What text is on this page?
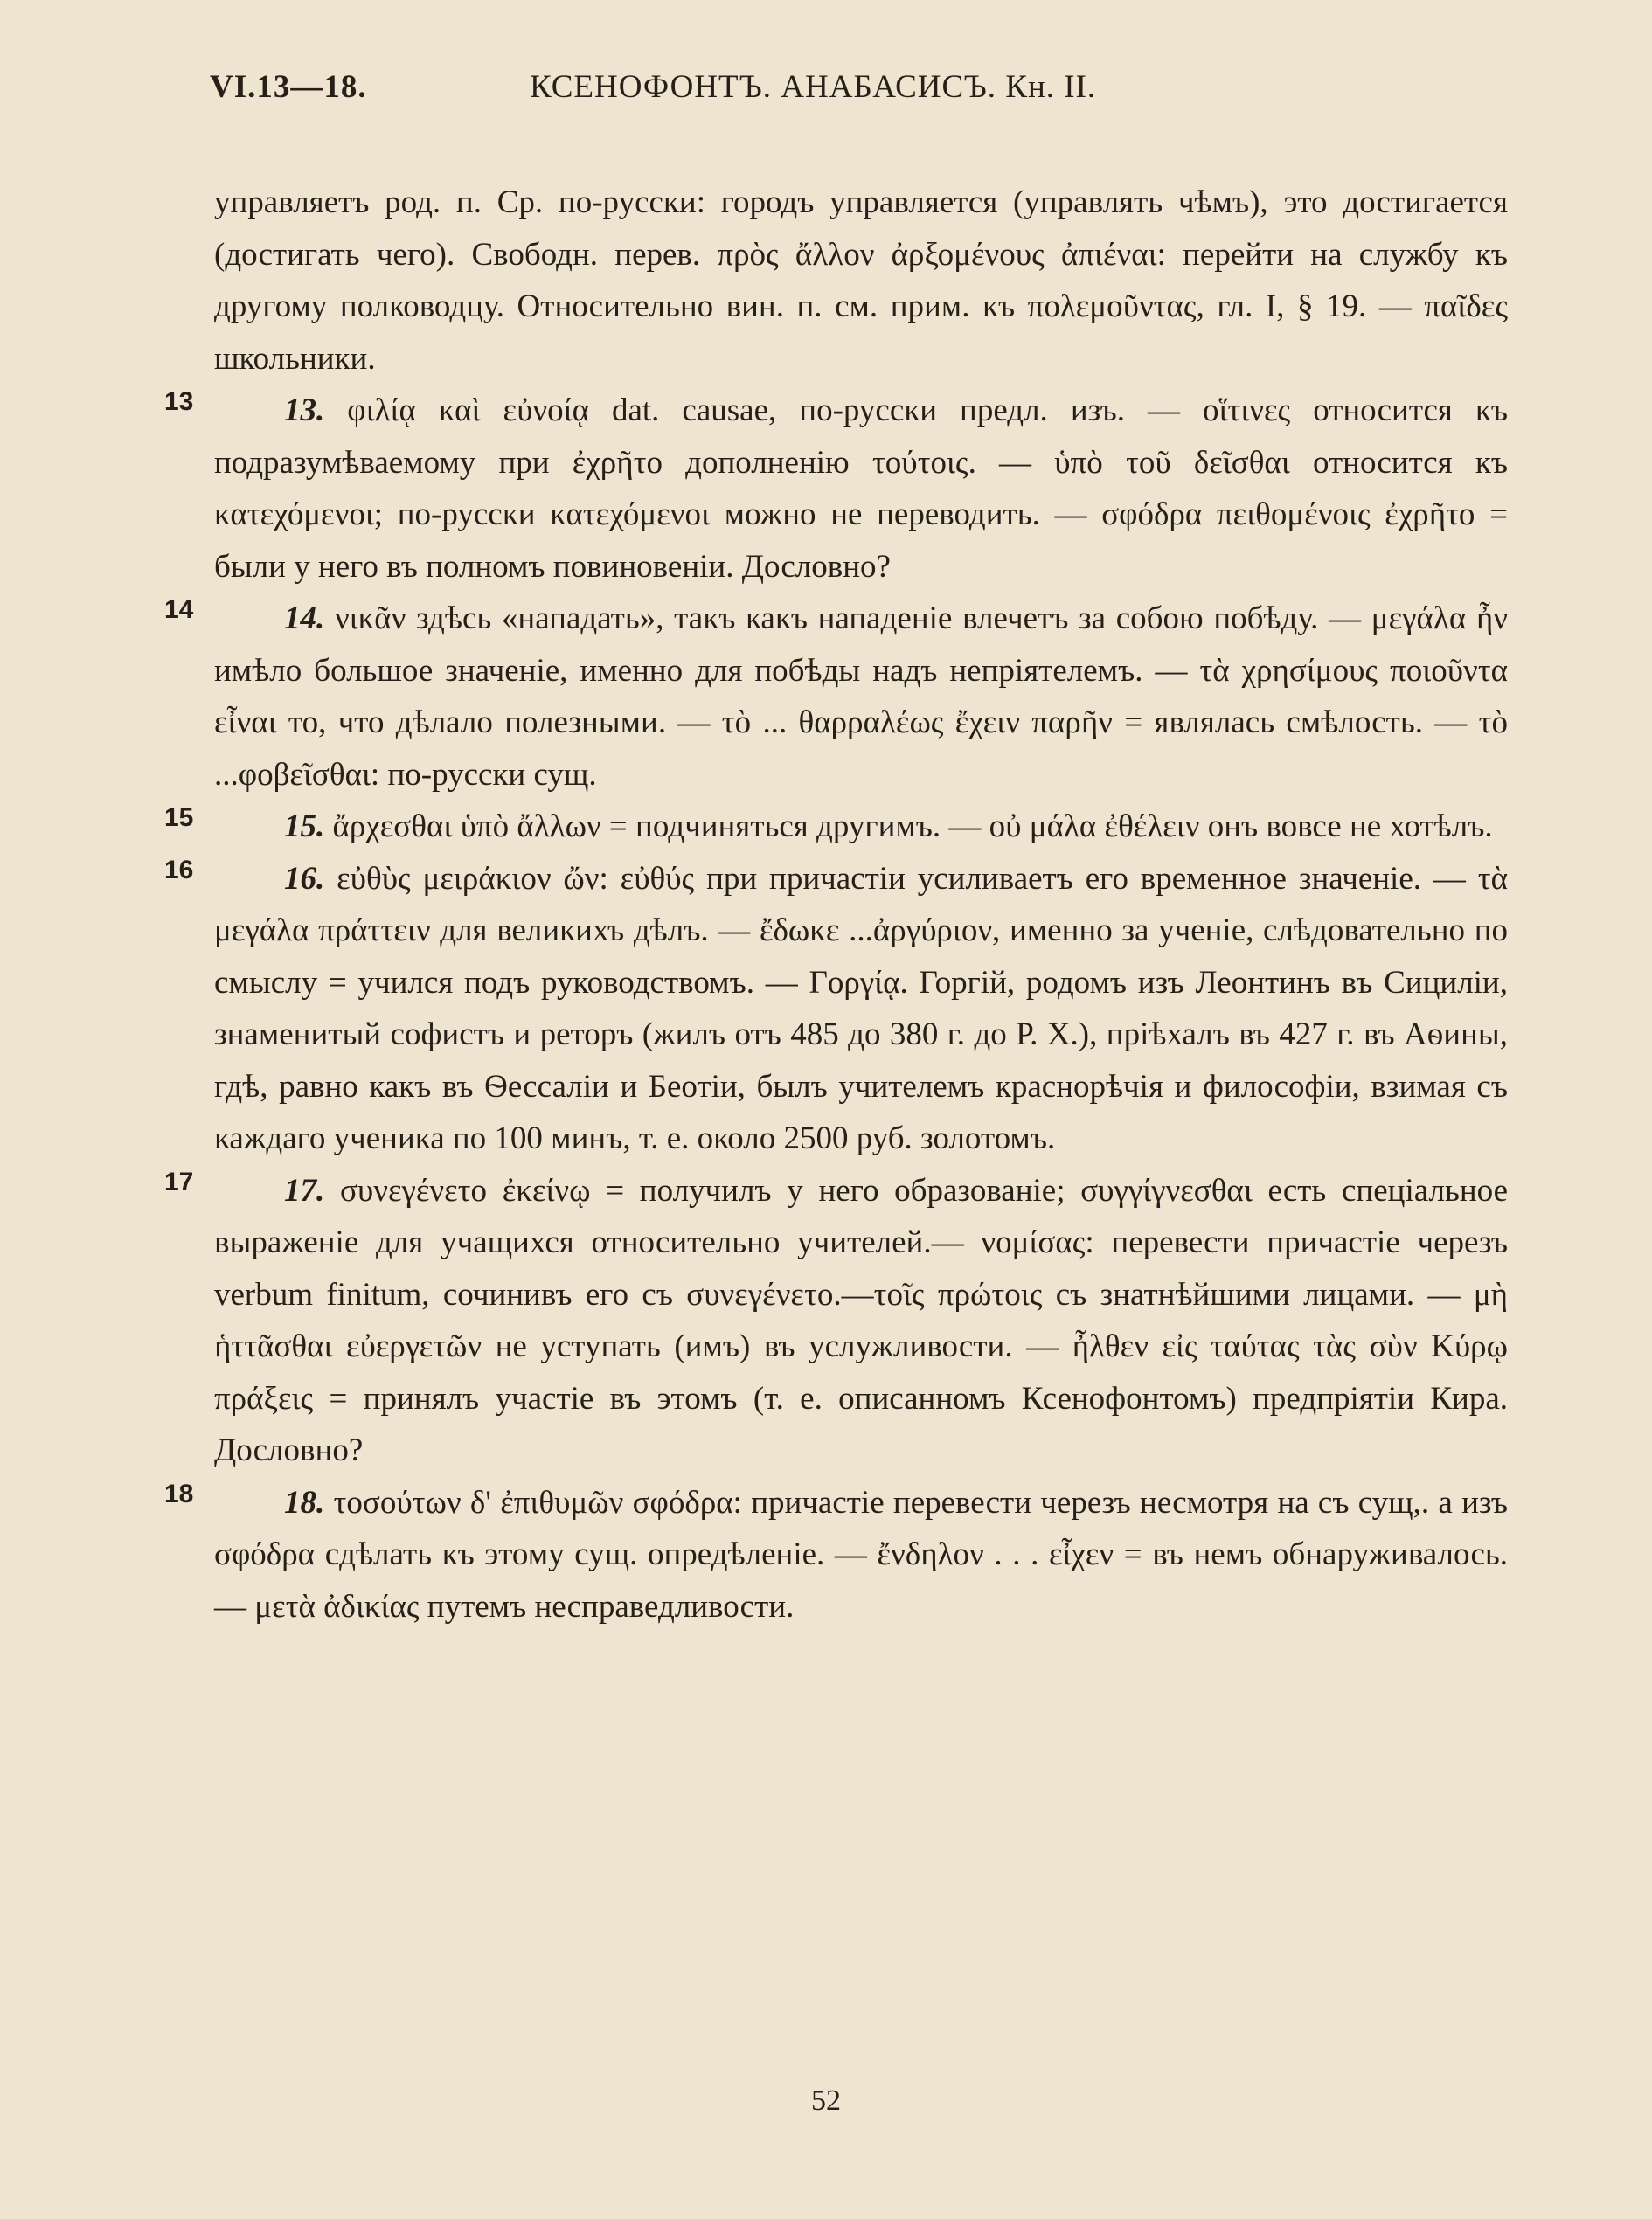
VI.13—18.	КСЕНОФОНТЪ. АНАБАСИСЪ. Кн. II.

управляетъ род. п. Ср. по-русски: городъ управляется (управлять чѣмъ), это достигается (достигать чего). Свободн. перев. πρὸς ἄλλον ἀρξομένους ἀπιέναι: перейти на службу къ другому полководцу. Относительно вин. п. см. прим. къ πολεμοῦντας, гл. I, § 19. — παῖδες школьники.

13	13. φιλίᾳ καὶ εὐνοίᾳ dat. causae, по-русски предл. изъ. — οἵτινες относится къ подразумѣваемому при ἐχρῆτο дополненію τούτοις. — ὑπὸ τοῦ δεῖσθαι относится къ κατεχόμενοι; по-русски κατεχόμενοι можно не переводить. — σφόδρα πειθομένοις ἐχρῆτο = были у него въ полномъ повиновеніи. Дословно?

14	14. νικᾶν здѣсь «нападать», такъ какъ нападеніе влечетъ за собою побѣду. — μεγάλα ἦν имѣло большое значеніе, именно для побѣды надъ непріятелемъ. — τὰ χρησίμους ποιοῦντα εἶναι то, что дѣлало полезными. — τὸ ... θαρραλέως ἔχειν παρῆν = являлась смѣлость. — τὸ ...φοβεῖσθαι: по-русски сущ.

15	15. ἄρχεσθαι ὑπὸ ἄλλων = подчиняться другимъ. — οὐ μάλα ἐθέλειν онъ вовсе не хотѣлъ.

16	16. εὐθὺς μειράκιον ὤν: εὐθύς при причастіи усиливаетъ его временное значеніе. — τὰ μεγάλα πράττειν для великихъ дѣлъ. — ἔδωκε ...ἀργύριον, именно за ученіе, слѣдовательно по смыслу = учился подъ руководствомъ. — Γοργίᾳ. Горгій, родомъ изъ Леонтинъ въ Сициліи, знаменитый софистъ и реторъ (жилъ отъ 485 до 380 г. до Р. Х.), пріѣхалъ въ 427 г. въ Аѳины, гдѣ, равно какъ въ Ѳессаліи и Беотіи, былъ учителемъ краснорѣчія и философіи, взимая съ каждаго ученика по 100 минъ, т. е. около 2500 руб. золотомъ.

17	17. συνεγένετο ἐκείνῳ = получилъ у него образованіе; συγγίγνεσθαι есть спеціальное выраженіе для учащихся относительно учителей.— νομίσας: перевести причастіе черезъ verbum finitum, сочинивъ его съ συνεγένετο.—τοῖς πρώτοις съ знатнѣйшими лицами. — μὴ ἡττᾶσθαι εὐεργετῶν не уступать (имъ) въ услужливости. — ἦλθεν εἰς ταύτας τὰς σὺν Κύρῳ πράξεις = принялъ участіе въ этомъ (т. е. описанномъ Ксенофонтомъ) предпріятіи Кира. Дословно?

18	18. τοσούτων δ' ἐπιθυμῶν σφόδρα: причастіе перевести черезъ несмотря на съ сущ,. а изъ σφόδρα сдѣлать къ этому сущ. опредѣленіе. — ἔνδηλον . . . εἶχεν = въ немъ обнаруживалось. — μετὰ ἀδικίας путемъ несправедливости.

52
